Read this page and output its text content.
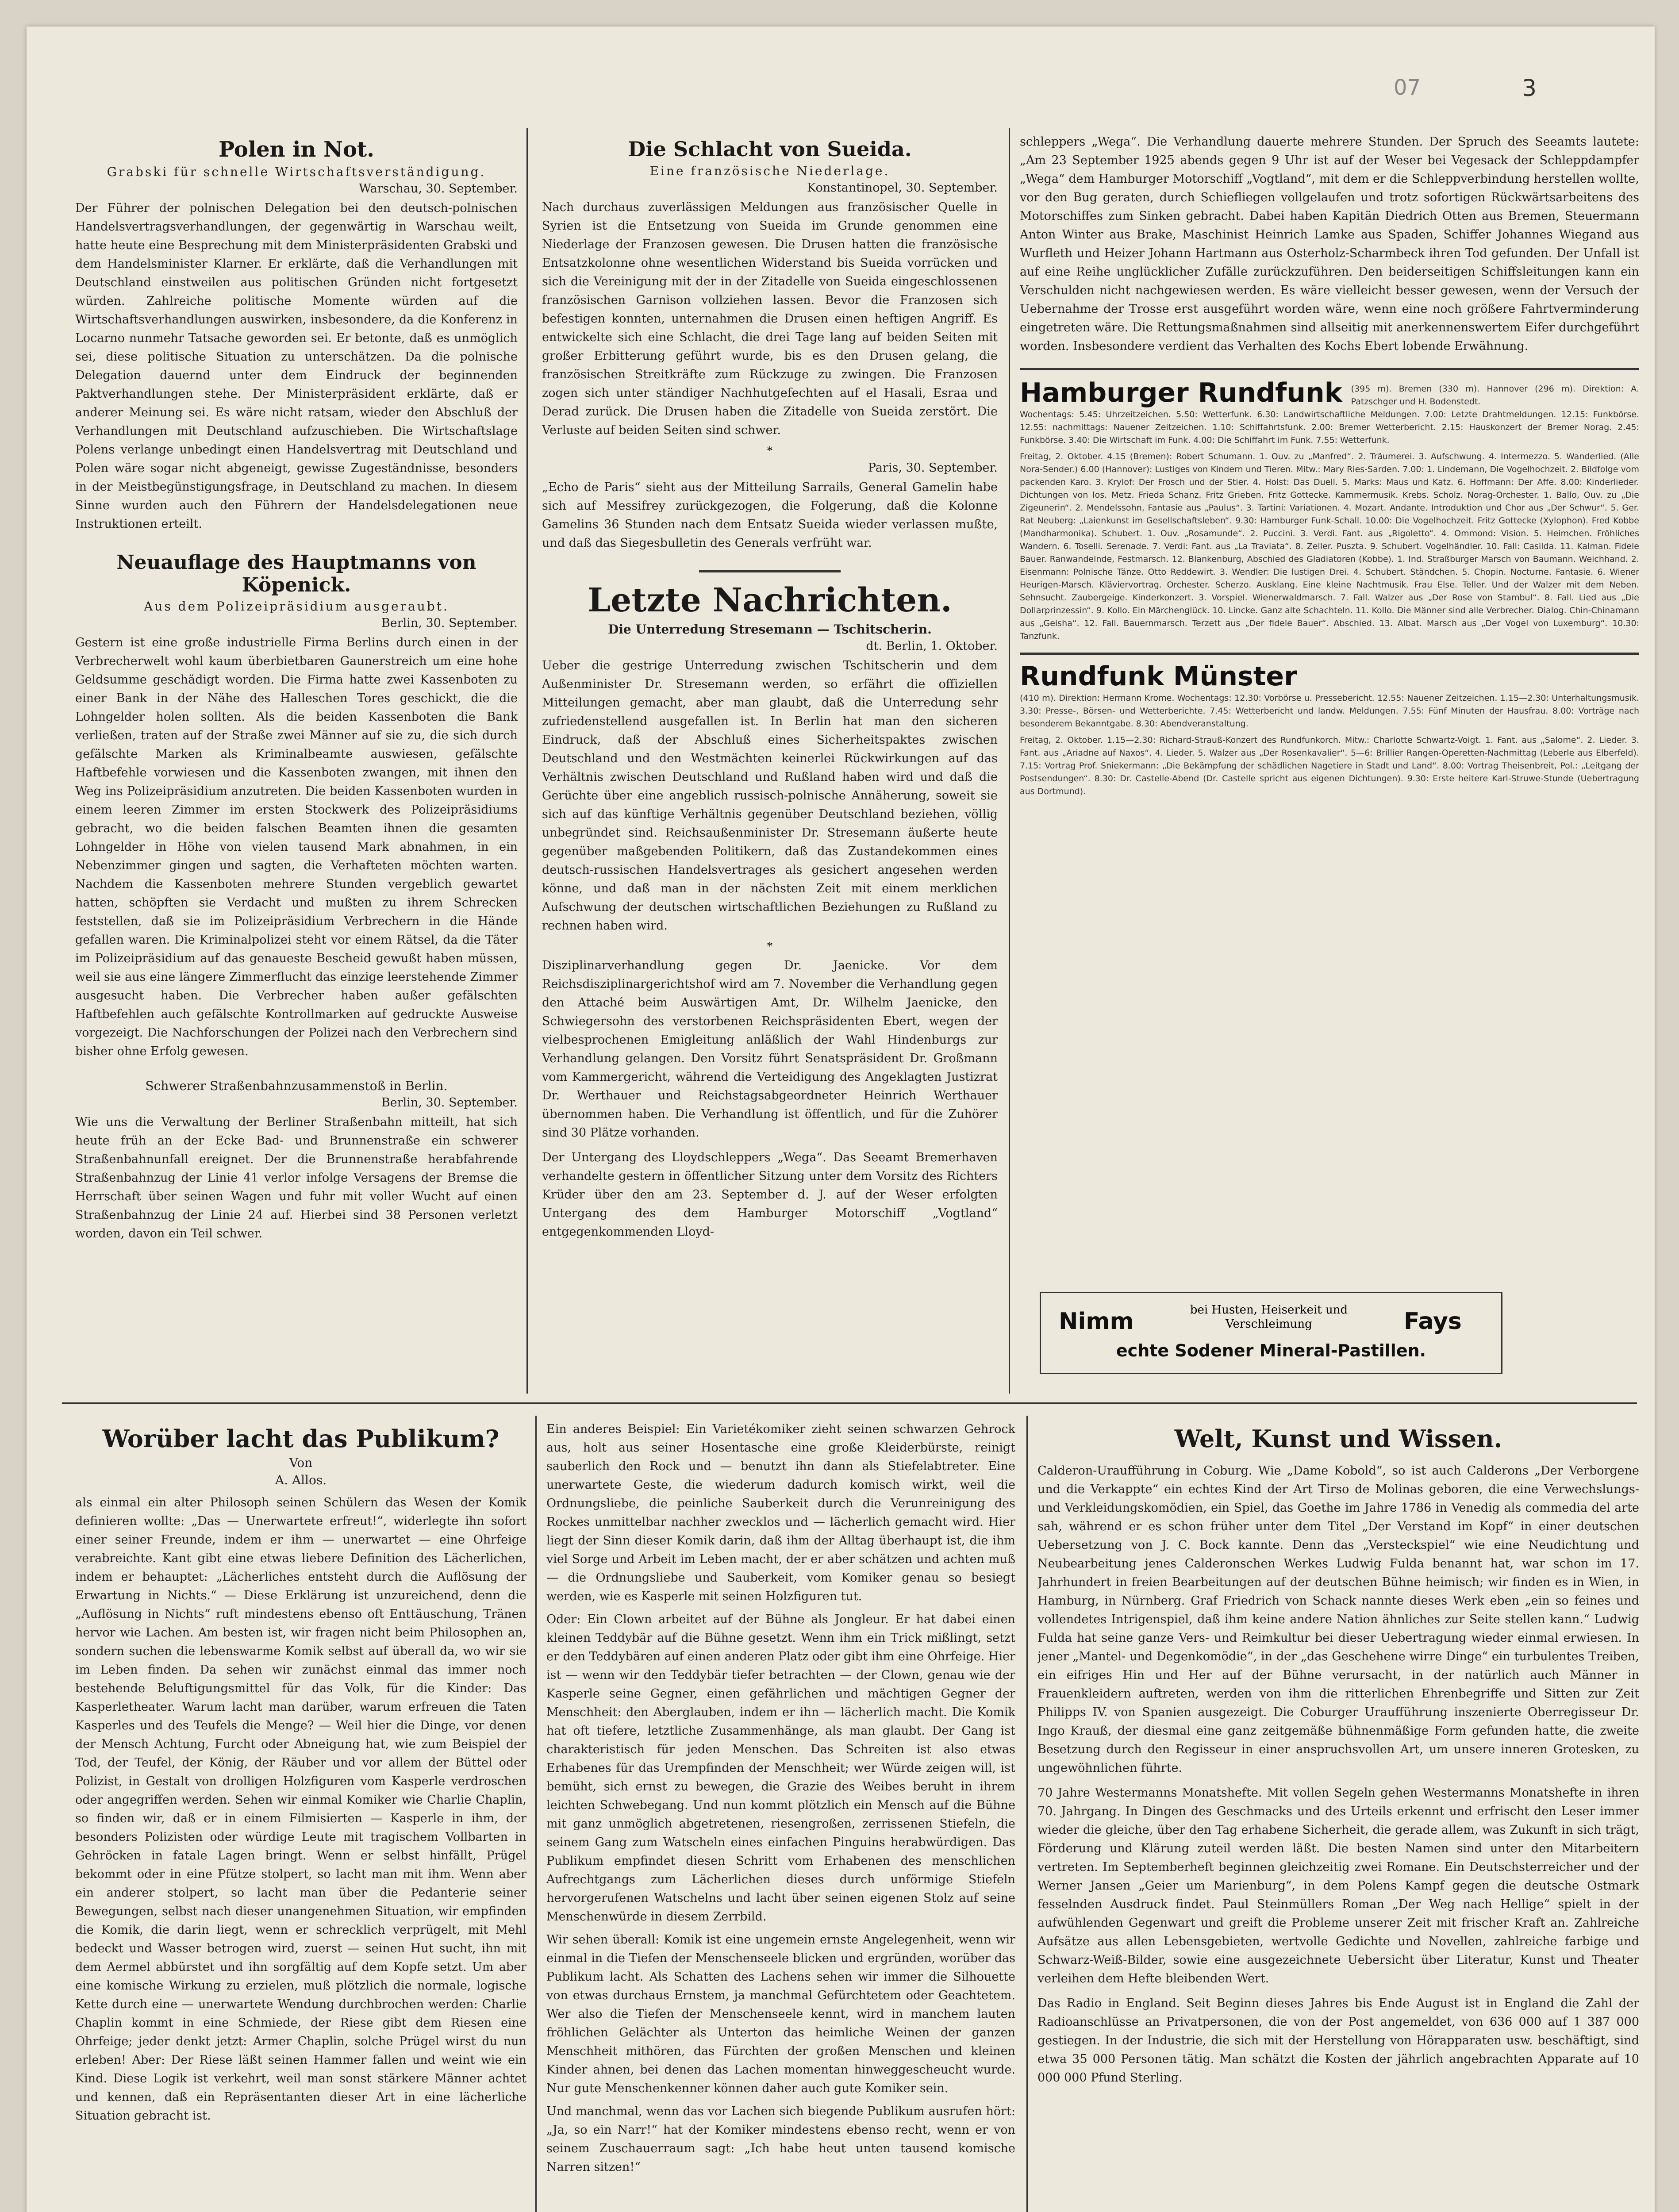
07	3
Polen in Not.

Grabski für schnelle Wirtschaftsverständigung.

Warschau, 30. September.

Der Führer der polnischen Delegation bei den deutsch-polnischen Handelsvertragsverhandlungen, der gegenwärtig in Warschau weilt, hatte heute eine Besprechung mit dem Ministerpräsidenten Grabski und dem Handelsminister Klarner. Er erklärte, daß die Verhandlungen mit Deutschland einstweilen aus politischen Gründen nicht fortgesetzt würden. Zahlreiche politische Momente würden auf die Wirtschaftsverhandlungen auswirken, insbesondere, da die Konferenz in Locarno nunmehr Tatsache geworden sei. Er betonte, daß es unmöglich sei, diese politische Situation zu unterschätzen. Da die polnische Delegation dauernd unter dem Eindruck der beginnenden Paktverhandlungen stehe. Der Ministerpräsident erklärte, daß er anderer Meinung sei. Es wäre nicht ratsam, wieder den Abschluß der Verhandlungen mit Deutschland aufzuschieben. Die Wirtschaftslage Polens verlange unbedingt einen Handelsvertrag mit Deutschland und Polen wäre sogar nicht abgeneigt, gewisse Zugeständnisse, besonders in der Meistbegünstigungsfrage, in Deutschland zu machen. In diesem Sinne wurden auch den Führern der Handelsdelegationen neue Instruktionen erteilt.

Neuauflage des Hauptmanns von Köpenick.

Aus dem Polizeipräsidium ausgeraubt.

Berlin, 30. September.

Gestern ist eine große industrielle Firma Berlins durch einen in der Verbrecherwelt wohl kaum überbietbaren Gaunerstreich um eine hohe Geldsumme geschädigt worden. Die Firma hatte zwei Kassenboten zu einer Bank in der Nähe des Halleschen Tores geschickt, die die Lohngelder holen sollten. Als die beiden Kassenboten die Bank verließen, traten auf der Straße zwei Männer auf sie zu, die sich durch gefälschte Marken als Kriminalbeamte auswiesen, gefälschte Haftbefehle vorwiesen und die Kassenboten zwangen, mit ihnen den Weg ins Polizeipräsidium anzutreten. Die beiden Kassenboten wurden in einem leeren Zimmer im ersten Stockwerk des Polizeipräsidiums gebracht, wo die beiden falschen Beamten ihnen die gesamten Lohngelder in Höhe von vielen tausend Mark abnahmen, in ein Nebenzimmer gingen und sagten, die Verhafteten möchten warten. Nachdem die Kassenboten mehrere Stunden vergeblich gewartet hatten, schöpften sie Verdacht und mußten zu ihrem Schrecken feststellen, daß sie im Polizeipräsidium Verbrechern in die Hände gefallen waren. Die Kriminalpolizei steht vor einem Rätsel, da die Täter im Polizeipräsidium auf das genaueste Bescheid gewußt haben müssen, weil sie aus eine längere Zimmerflucht das einzige leerstehende Zimmer ausgesucht haben. Die Verbrecher haben außer gefälschten Haftbefehlen auch gefälschte Kontrollmarken auf gedruckte Ausweise vorgezeigt. Die Nachforschungen der Polizei nach den Verbrechern sind bisher ohne Erfolg gewesen.

Schwerer Straßenbahnzusammenstoß in Berlin.

Berlin, 30. September.

Wie uns die Verwaltung der Berliner Straßenbahn mitteilt, hat sich heute früh an der Ecke Bad- und Brunnenstraße ein schwerer Straßenbahnunfall ereignet. Der die Brunnenstraße herabfahrende Straßenbahnzug der Linie 41 verlor infolge Versagens der Bremse die Herrschaft über seinen Wagen und fuhr mit voller Wucht auf einen Straßenbahnzug der Linie 24 auf. Hierbei sind 38 Personen verletzt worden, davon ein Teil schwer.

Die Schlacht von Sueida.

Eine französische Niederlage.

Konstantinopel, 30. September.

Nach durchaus zuverlässigen Meldungen aus französischer Quelle in Syrien ist die Entsetzung von Sueida im Grunde genommen eine Niederlage der Franzosen gewesen. Die Drusen hatten die französische Entsatzkolonne ohne wesentlichen Widerstand bis Sueida vorrücken und sich die Vereinigung mit der in der Zitadelle von Sueida eingeschlossenen französischen Garnison vollziehen lassen. Bevor die Franzosen sich befestigen konnten, unternahmen die Drusen einen heftigen Angriff. Es entwickelte sich eine Schlacht, die drei Tage lang auf beiden Seiten mit großer Erbitterung geführt wurde, bis es den Drusen gelang, die französischen Streitkräfte zum Rückzuge zu zwingen. Die Franzosen zogen sich unter ständiger Nachhutgefechten auf el Hasali, Esraa und Derad zurück. Die Drusen haben die Zitadelle von Sueida zerstört. Die Verluste auf beiden Seiten sind schwer.

*

Paris, 30. September.

„Echo de Paris“ sieht aus der Mitteilung Sarrails, General Gamelin habe sich auf Messifrey zurückgezogen, die Folgerung, daß die Kolonne Gamelins 36 Stunden nach dem Entsatz Sueida wieder verlassen mußte, und daß das Siegesbulletin des Generals verfrüht war.

Letzte Nachrichten.

Die Unterredung Stresemann — Tschitscherin.

dt. Berlin, 1. Oktober.

Ueber die gestrige Unterredung zwischen Tschitscherin und dem Außenminister Dr. Stresemann werden, so erfährt die offiziellen Mitteilungen gemacht, aber man glaubt, daß die Unterredung sehr zufriedenstellend ausgefallen ist. In Berlin hat man den sicheren Eindruck, daß der Abschluß eines Sicherheitspaktes zwischen Deutschland und den Westmächten keinerlei Rückwirkungen auf das Verhältnis zwischen Deutschland und Rußland haben wird und daß die Gerüchte über eine angeblich russisch-polnische Annäherung, soweit sie sich auf das künftige Verhältnis gegenüber Deutschland beziehen, völlig unbegründet sind. Reichsaußenminister Dr. Stresemann äußerte heute gegenüber maßgebenden Politikern, daß das Zustandekommen eines deutsch-russischen Handelsvertrages als gesichert angesehen werden könne, und daß man in der nächsten Zeit mit einem merklichen Aufschwung der deutschen wirtschaftlichen Beziehungen zu Rußland zu rechnen haben wird.

*

Disziplinarverhandlung gegen Dr. Jaenicke. Vor dem Reichsdisziplinargerichtshof wird am 7. November die Verhandlung gegen den Attaché beim Auswärtigen Amt, Dr. Wilhelm Jaenicke, den Schwiegersohn des verstorbenen Reichspräsidenten Ebert, wegen der vielbesprochenen Emigleitung anläßlich der Wahl Hindenburgs zur Verhandlung gelangen. Den Vorsitz führt Senatspräsident Dr. Großmann vom Kammergericht, während die Verteidigung des Angeklagten Justizrat Dr. Werthauer und Reichstagsabgeordneter Heinrich Werthauer übernommen haben. Die Verhandlung ist öffentlich, und für die Zuhörer sind 30 Plätze vorhanden.

Der Untergang des Lloydschleppers „Wega“. Das Seeamt Bremerhaven verhandelte gestern in öffentlicher Sitzung unter dem Vorsitz des Richters Krüder über den am 23. September d. J. auf der Weser erfolgten Untergang des dem Hamburger Motorschiff „Vogtland“ entgegenkommenden Lloyd-

schleppers „Wega“. Die Verhandlung dauerte mehrere Stunden. Der Spruch des Seeamts lautete: „Am 23 September 1925 abends gegen 9 Uhr ist auf der Weser bei Vegesack der Schleppdampfer „Wega“ dem Hamburger Motorschiff „Vogtland“, mit dem er die Schleppverbindung herstellen wollte, vor den Bug geraten, durch Schiefliegen vollgelaufen und trotz sofortigen Rückwärtsarbeitens des Motorschiffes zum Sinken gebracht. Dabei haben Kapitän Diedrich Otten aus Bremen, Steuermann Anton Winter aus Brake, Maschinist Heinrich Lamke aus Spaden, Schiffer Johannes Wiegand aus Wurfleth und Heizer Johann Hartmann aus Osterholz-Scharmbeck ihren Tod gefunden. Der Unfall ist auf eine Reihe unglücklicher Zufälle zurückzuführen. Den beiderseitigen Schiffsleitungen kann ein Verschulden nicht nachgewiesen werden. Es wäre vielleicht besser gewesen, wenn der Versuch der Uebernahme der Trosse erst ausgeführt worden wäre, wenn eine noch größere Fahrtverminderung eingetreten wäre. Die Rettungsmaßnahmen sind allseitig mit anerkennenswertem Eifer durchgeführt worden. Insbesondere verdient das Verhalten des Kochs Ebert lobende Erwähnung.

Hamburger Rundfunk (395 m). Bremen (330 m). Hannover (296 m). Direktion: A. Patzschger und H. Bodenstedt.

Wochentags: 5.45: Uhrzeitzeichen. 5.50: Wetterfunk. 6.30: Landwirtschaftliche Meldungen. 7.00: Letzte Drahtmeldungen. 12.15: Funkbörse. 12.55: nachmittags: Nauener Zeitzeichen. 1.10: Schiffahrtsfunk. 2.00: Bremer Wetterbericht. 2.15: Hauskonzert der Bremer Norag. 2.45: Funkbörse. 3.40: Die Wirtschaft im Funk. 4.00: Die Schiffahrt im Funk. 7.55: Wetterfunk.

Freitag, 2. Oktober. 4.15 (Bremen): Robert Schumann. 1. Ouv. zu „Manfred“. 2. Träumerei. 3. Aufschwung. 4. Intermezzo. 5. Wanderlied. (Alle Nora-Sender.) 6.00 (Hannover): Lustiges von Kindern und Tieren. Mitw.: Mary Ries-Sarden. 7.00: 1. Lindemann, Die Vogelhochzeit. 2. Bildfolge vom packenden Karo. 3. Krylof: Der Frosch und der Stier. 4. Holst: Das Duell. 5. Marks: Maus und Katz. 6. Hoffmann: Der Affe. 8.00: Kinderlieder. Dichtungen von los. Metz. Frieda Schanz. Fritz Grieben. Fritz Gottecke. Kammermusik. Krebs. Scholz. Norag-Orchester. 1. Ballo, Ouv. zu „Die Zigeunerin“. 2. Mendelssohn, Fantasie aus „Paulus“. 3. Tartini: Variationen. 4. Mozart. Andante. Introduktion und Chor aus „Der Schwur“. 5. Ger. Rat Neuberg: „Laienkunst im Gesellschaftsleben“. 9.30: Hamburger Funk-Schall. 10.00: Die Vogelhochzeit. Fritz Gottecke (Xylophon). Fred Kobbe (Mandharmonika). Schubert. 1. Ouv. „Rosamunde“. 2. Puccini. 3. Verdi. Fant. aus „Rigoletto“. 4. Ommond: Vision. 5. Heimchen. Fröhliches Wandern. 6. Toselli. Serenade. 7. Verdi: Fant. aus „La Traviata“. 8. Zeller. Puszta. 9. Schubert. Vogelhändler. 10. Fall: Casilda. 11. Kalman. Fidele Bauer. Ranwandelnde, Festmarsch. 12. Blankenburg, Abschied des Gladiatoren (Kobbe). 1. Ind. Straßburger Marsch von Baumann. Weichhand. 2. Eisenmann: Polnische Tänze. Otto Reddewirt. 3. Wendler: Die lustigen Drei. 4. Schubert. Ständchen. 5. Chopin. Nocturne. Fantasie. 6. Wiener Heurigen-Marsch. Kläviervortrag. Orchester. Scherzo. Ausklang. Eine kleine Nachtmusik. Frau Else. Teller. Und der Walzer mit dem Neben. Sehnsucht. Zaubergeige. Kinderkonzert. 3. Vorspiel. Wienerwaldmarsch. 7. Fall. Walzer aus „Der Rose von Stambul“. 8. Fall. Lied aus „Die Dollarprinzessin“. 9. Kollo. Ein Märchenglück. 10. Lincke. Ganz alte Schachteln. 11. Kollo. Die Männer sind alle Verbrecher. Dialog. Chin-Chinamann aus „Geisha“. 12. Fall. Bauernmarsch. Terzett aus „Der fidele Bauer“. Abschied. 13. Albat. Marsch aus „Der Vogel von Luxemburg“. 10.30: Tanzfunk.

Rundfunk Münster

(410 m). Direktion: Hermann Krome. Wochentags: 12.30: Vorbörse u. Pressebericht. 12.55: Nauener Zeitzeichen. 1.15—2.30: Unterhaltungsmusik. 3.30: Presse-, Börsen- und Wetterberichte. 7.45: Wetterbericht und landw. Meldungen. 7.55: Fünf Minuten der Hausfrau. 8.00: Vorträge nach besonderem Bekanntgabe. 8.30: Abendveranstaltung.

Freitag, 2. Oktober. 1.15—2.30: Richard-Strauß-Konzert des Rundfunkorch. Mitw.: Charlotte Schwartz-Voigt. 1. Fant. aus „Salome“. 2. Lieder. 3. Fant. aus „Ariadne auf Naxos“. 4. Lieder. 5. Walzer aus „Der Rosenkavalier“. 5—6: Brillier Rangen-Operetten-Nachmittag (Leberle aus Elberfeld). 7.15: Vortrag Prof. Sniekermann: „Die Bekämpfung der schädlichen Nagetiere in Stadt und Land“. 8.00: Vortrag Theisenbreit, Pol.: „Leitgang der Postsendungen“. 8.30: Dr. Castelle-Abend (Dr. Castelle spricht aus eigenen Dichtungen). 9.30: Erste heitere Karl-Struwe-Stunde (Uebertragung aus Dortmund).

Nimm	bei Husten, Heiserkeit und Verschleimung	Fays
echte Sodener Mineral-Pastillen.
Worüber lacht das Publikum?

Von

A. Allos.

als einmal ein alter Philosoph seinen Schülern das Wesen der Komik definieren wollte: „Das — Unerwartete erfreut!“, widerlegte ihn sofort einer seiner Freunde, indem er ihm — unerwartet — eine Ohrfeige verabreichte. Kant gibt eine etwas liebere Definition des Lächerlichen, indem er behauptet: „Lächerliches entsteht durch die Auflösung der Erwartung in Nichts.“ — Diese Erklärung ist unzureichend, denn die „Auflösung in Nichts“ ruft mindestens ebenso oft Enttäuschung, Tränen hervor wie Lachen. Am besten ist, wir fragen nicht beim Philosophen an, sondern suchen die lebenswarme Komik selbst auf überall da, wo wir sie im Leben finden. Da sehen wir zunächst einmal das immer noch bestehende Beluftigungsmittel für das Volk, für die Kinder: Das Kasperletheater. Warum lacht man darüber, warum erfreuen die Taten Kasperles und des Teufels die Menge? — Weil hier die Dinge, vor denen der Mensch Achtung, Furcht oder Abneigung hat, wie zum Beispiel der Tod, der Teufel, der König, der Räuber und vor allem der Büttel oder Polizist, in Gestalt von drolligen Holzfiguren vom Kasperle verdroschen oder angegriffen werden. Sehen wir einmal Komiker wie Charlie Chaplin, so finden wir, daß er in einem Filmisierten — Kasperle in ihm, der besonders Polizisten oder würdige Leute mit tragischem Vollbarten in Gehröcken in fatale Lagen bringt. Wenn er selbst hinfällt, Prügel bekommt oder in eine Pfütze stolpert, so lacht man mit ihm. Wenn aber ein anderer stolpert, so lacht man über die Pedanterie seiner Bewegungen, selbst nach dieser unangenehmen Situation, wir empfinden die Komik, die darin liegt, wenn er schrecklich verprügelt, mit Mehl bedeckt und Wasser betrogen wird, zuerst — seinen Hut sucht, ihn mit dem Aermel abbürstet und ihn sorgfältig auf dem Kopfe setzt. Um aber eine komische Wirkung zu erzielen, muß plötzlich die normale, logische Kette durch eine — unerwartete Wendung durchbrochen werden: Charlie Chaplin kommt in eine Schmiede, der Riese gibt dem Riesen eine Ohrfeige; jeder denkt jetzt: Armer Chaplin, solche Prügel wirst du nun erleben! Aber: Der Riese läßt seinen Hammer fallen und weint wie ein Kind. Diese Logik ist verkehrt, weil man sonst stärkere Männer achtet und kennen, daß ein Repräsentanten dieser Art in eine lächerliche Situation gebracht ist.

Ein anderes Beispiel: Ein Varietékomiker zieht seinen schwarzen Gehrock aus, holt aus seiner Hosentasche eine große Kleiderbürste, reinigt sauberlich den Rock und — benutzt ihn dann als Stiefelabtreter. Eine unerwartete Geste, die wiederum dadurch komisch wirkt, weil die Ordnungsliebe, die peinliche Sauberkeit durch die Verunreinigung des Rockes unmittelbar nachher zwecklos und — lächerlich gemacht wird. Hier liegt der Sinn dieser Komik darin, daß ihm der Alltag überhaupt ist, die ihm viel Sorge und Arbeit im Leben macht, der er aber schätzen und achten muß — die Ordnungsliebe und Sauberkeit, vom Komiker genau so besiegt werden, wie es Kasperle mit seinen Holzfiguren tut.

Oder: Ein Clown arbeitet auf der Bühne als Jongleur. Er hat dabei einen kleinen Teddybär auf die Bühne gesetzt. Wenn ihm ein Trick mißlingt, setzt er den Teddybären auf einen anderen Platz oder gibt ihm eine Ohrfeige. Hier ist — wenn wir den Teddybär tiefer betrachten — der Clown, genau wie der Kasperle seine Gegner, einen gefährlichen und mächtigen Gegner der Menschheit: den Aberglauben, indem er ihn — lächerlich macht. Die Komik hat oft tiefere, letztliche Zusammenhänge, als man glaubt. Der Gang ist charakteristisch für jeden Menschen. Das Schreiten ist also etwas Erhabenes für das Urempfinden der Menschheit; wer Würde zeigen will, ist bemüht, sich ernst zu bewegen, die Grazie des Weibes beruht in ihrem leichten Schwebegang. Und nun kommt plötzlich ein Mensch auf die Bühne mit ganz unmöglich abgetretenen, riesengroßen, zerrissenen Stiefeln, die seinem Gang zum Watscheln eines einfachen Pinguins herabwürdigen. Das Publikum empfindet diesen Schritt vom Erhabenen des menschlichen Aufrechtgangs zum Lächerlichen dieses durch unförmige Stiefeln hervorgerufenen Watschelns und lacht über seinen eigenen Stolz auf seine Menschenwürde in diesem Zerrbild.

Wir sehen überall: Komik ist eine ungemein ernste Angelegenheit, wenn wir einmal in die Tiefen der Menschenseele blicken und ergründen, worüber das Publikum lacht. Als Schatten des Lachens sehen wir immer die Silhouette von etwas durchaus Ernstem, ja manchmal Gefürchtetem oder Geachtetem. Wer also die Tiefen der Menschenseele kennt, wird in manchem lauten fröhlichen Gelächter als Unterton das heimliche Weinen der ganzen Menschheit mithören, das Fürchten der großen Menschen und kleinen Kinder ahnen, bei denen das Lachen momentan hinweggescheucht wurde. Nur gute Menschenkenner können daher auch gute Komiker sein.

Und manchmal, wenn das vor Lachen sich biegende Publikum ausrufen hört: „Ja, so ein Narr!“ hat der Komiker mindestens ebenso recht, wenn er von seinem Zuschauerraum sagt: „Ich habe heut unten tausend komische Narren sitzen!“

Welt, Kunst und Wissen.

Calderon-Uraufführung in Coburg. Wie „Dame Kobold“, so ist auch Calderons „Der Verborgene und die Verkappte“ ein echtes Kind der Art Tirso de Molinas geboren, die eine Verwechslungs- und Verkleidungskomödien, ein Spiel, das Goethe im Jahre 1786 in Venedig als commedia del arte sah, während er es schon früher unter dem Titel „Der Verstand im Kopf“ in einer deutschen Uebersetzung von J. C. Bock kannte. Denn das „Versteckspiel“ wie eine Neudichtung und Neubearbeitung jenes Calderonschen Werkes Ludwig Fulda benannt hat, war schon im 17. Jahrhundert in freien Bearbeitungen auf der deutschen Bühne heimisch; wir finden es in Wien, in Hamburg, in Nürnberg. Graf Friedrich von Schack nannte dieses Werk eben „ein so feines und vollendetes Intrigenspiel, daß ihm keine andere Nation ähnliches zur Seite stellen kann.“ Ludwig Fulda hat seine ganze Vers- und Reimkultur bei dieser Uebertragung wieder einmal erwiesen. In jener „Mantel- und Degenkomödie“, in der „das Geschehene wirre Dinge“ ein turbulentes Treiben, ein eifriges Hin und Her auf der Bühne verursacht, in der natürlich auch Männer in Frauenkleidern auftreten, werden von ihm die ritterlichen Ehrenbegriffe und Sitten zur Zeit Philipps IV. von Spanien ausgezeigt. Die Coburger Uraufführung inszenierte Oberregisseur Dr. Ingo Krauß, der diesmal eine ganz zeitgemäße bühnenmäßige Form gefunden hatte, die zweite Besetzung durch den Regisseur in einer anspruchsvollen Art, um unsere inneren Grotesken, zu ungewöhnlichen führte.

70 Jahre Westermanns Monatshefte. Mit vollen Segeln gehen Westermanns Monatshefte in ihren 70. Jahrgang. In Dingen des Geschmacks und des Urteils erkennt und erfrischt den Leser immer wieder die gleiche, über den Tag erhabene Sicherheit, die gerade allem, was Zukunft in sich trägt, Förderung und Klärung zuteil werden läßt. Die besten Namen sind unter den Mitarbeitern vertreten. Im Septemberheft beginnen gleichzeitig zwei Romane. Ein Deutschsterreicher und der Werner Jansen „Geier um Marienburg“, in dem Polens Kampf gegen die deutsche Ostmark fesselnden Ausdruck findet. Paul Steinmüllers Roman „Der Weg nach Hellige“ spielt in der aufwühlenden Gegenwart und greift die Probleme unserer Zeit mit frischer Kraft an. Zahlreiche Aufsätze aus allen Lebensgebieten, wertvolle Gedichte und Novellen, zahlreiche farbige und Schwarz-Weiß-Bilder, sowie eine ausgezeichnete Uebersicht über Literatur, Kunst und Theater verleihen dem Hefte bleibenden Wert.

Das Radio in England. Seit Beginn dieses Jahres bis Ende August ist in England die Zahl der Radioanschlüsse an Privatpersonen, die von der Post angemeldet, von 636 000 auf 1 387 000 gestiegen. In der Industrie, die sich mit der Herstellung von Hörapparaten usw. beschäftigt, sind etwa 35 000 Personen tätig. Man schätzt die Kosten der jährlich angebrachten Apparate auf 10 000 000 Pfund Sterling.
